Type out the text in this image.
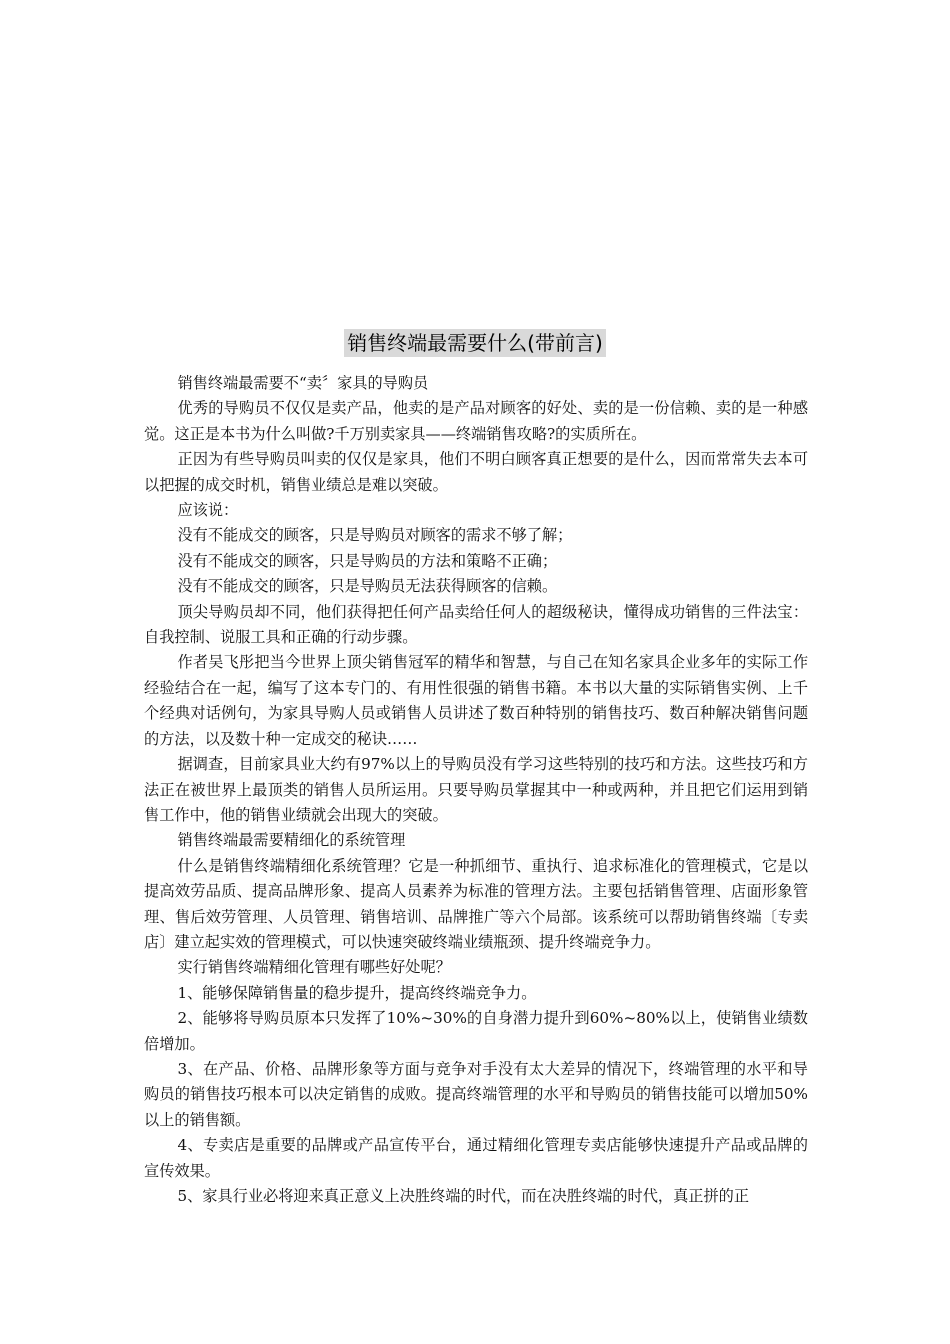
销售终端最需要什么(带前言)

销售终端最需要不“卖〞家具的导购员

优秀的导购员不仅仅是卖产品，他卖的是产品对顾客的好处、卖的是一份信赖、卖的是一种感觉。这正是本书为什么叫做?千万别卖家具——终端销售攻略?的实质所在。

正因为有些导购员叫卖的仅仅是家具，他们不明白顾客真正想要的是什么，因而常常失去本可以把握的成交时机，销售业绩总是难以突破。

应该说：

没有不能成交的顾客，只是导购员对顾客的需求不够了解；

没有不能成交的顾客，只是导购员的方法和策略不正确；

没有不能成交的顾客，只是导购员无法获得顾客的信赖。

顶尖导购员却不同，他们获得把任何产品卖给任何人的超级秘诀，懂得成功销售的三件法宝：自我控制、说服工具和正确的行动步骤。

作者吴飞彤把当今世界上顶尖销售冠军的精华和智慧，与自己在知名家具企业多年的实际工作经验结合在一起，编写了这本专门的、有用性很强的销售书籍。本书以大量的实际销售实例、上千个经典对话例句，为家具导购人员或销售人员讲述了数百种特别的销售技巧、数百种解决销售问题的方法，以及数十种一定成交的秘诀……

据调查，目前家具业大约有97%以上的导购员没有学习这些特别的技巧和方法。这些技巧和方法正在被世界上最顶类的销售人员所运用。只要导购员掌握其中一种或两种，并且把它们运用到销售工作中，他的销售业绩就会出现大的突破。

销售终端最需要精细化的系统管理

什么是销售终端精细化系统管理？它是一种抓细节、重执行、追求标准化的管理模式，它是以提高效劳品质、提高品牌形象、提高人员素养为标准的管理方法。主要包括销售管理、店面形象管理、售后效劳管理、人员管理、销售培训、品牌推广等六个局部。该系统可以帮助销售终端〔专卖店〕建立起实效的管理模式，可以快速突破终端业绩瓶颈、提升终端竞争力。

实行销售终端精细化管理有哪些好处呢？

1、能够保障销售量的稳步提升，提高终终端竞争力。

2、能够将导购员原本只发挥了10%~30%的自身潜力提升到60%~80%以上，使销售业绩数倍增加。

3、在产品、价格、品牌形象等方面与竞争对手没有太大差异的情况下，终端管理的水平和导购员的销售技巧根本可以决定销售的成败。提高终端管理的水平和导购员的销售技能可以增加50%以上的销售额。

4、专卖店是重要的品牌或产品宣传平台，通过精细化管理专卖店能够快速提升产品或品牌的宣传效果。

5、家具行业必将迎来真正意义上决胜终端的时代，而在决胜终端的时代，真正拼的正
